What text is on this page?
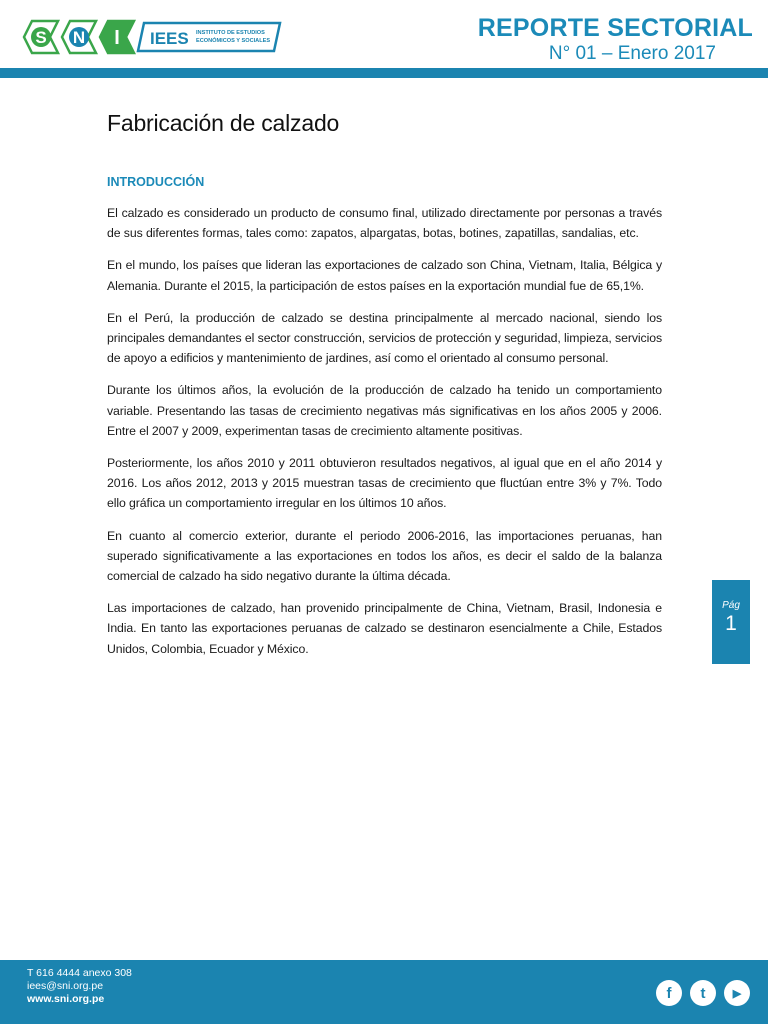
S N I IEES INSTITUTO DE ESTUDIOS
ECONÓMICOS Y SOCIALES	REPORTE SECTORIAL
N° 01 – Enero 2017
Fabricación de calzado
INTRODUCCIÓN

El calzado es considerado un producto de consumo final, utilizado directamente por personas a través de sus diferentes formas, tales como: zapatos, alpargatas, botas, botines, zapatillas, sandalias, etc.

En el mundo, los países que lideran las exportaciones de calzado son China, Vietnam, Italia, Bélgica y Alemania. Durante el 2015, la participación de estos países en la exportación mundial fue de 65,1%.

En el Perú, la producción de calzado se destina principalmente al mercado nacional, siendo los principales demandantes el sector construcción, servicios de protección y seguridad, limpieza, servicios de apoyo a edificios y mantenimiento de jardines, así como el orientado al consumo personal.

Durante los últimos años, la evolución de la producción de calzado ha tenido un comportamiento variable. Presentando las tasas de crecimiento negativas más significativas en los años 2005 y 2006. Entre el 2007 y 2009, experimentan tasas de crecimiento altamente positivas.

Posteriormente, los años 2010 y 2011 obtuvieron resultados negativos, al igual que en el año 2014 y 2016. Los años 2012, 2013 y 2015 muestran tasas de crecimiento que fluctúan entre 3% y 7%. Todo ello gráfica un comportamiento irregular en los últimos 10 años.

En cuanto al comercio exterior, durante el periodo 2006-2016, las importaciones peruanas, han superado significativamente a las exportaciones en todos los años, es decir el saldo de la balanza comercial de calzado ha sido negativo durante la última década.

Las importaciones de calzado, han provenido principalmente de China, Vietnam, Brasil, Indonesia e India. En tanto las exportaciones peruanas de calzado se destinaron esencialmente a Chile, Estados Unidos, Colombia, Ecuador y México.

Pág
1
T 616 4444 anexo 308
iees@sni.org.pe
www.sni.org.pe	f	t	▶
